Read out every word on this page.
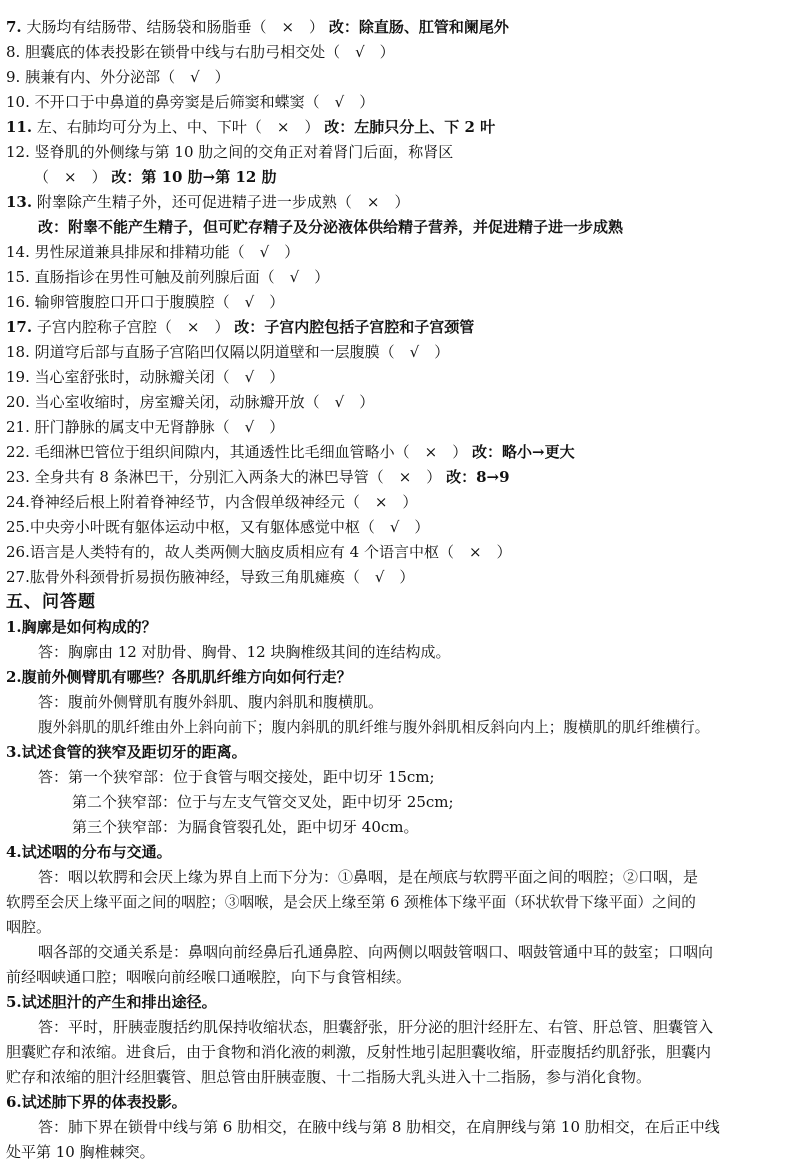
7. 大肠均有结肠带、结肠袋和肠脂垂（　×　） 改：除直肠、肛管和阑尾外
8. 胆囊底的体表投影在锁骨中线与右肋弓相交处（　√　）
9. 胰兼有内、外分泌部（　√　）
10. 不开口于中鼻道的鼻旁窦是后筛窦和蝶窦（　√　）
11. 左、右肺均可分为上、中、下叶（　×　） 改：左肺只分上、下 2 叶
12. 竖脊肌的外侧缘与第 10 肋之间的交角正对着肾门后面，称肾区
（　×　） 改：第 10 肋→第 12 肋
13. 附睾除产生精子外，还可促进精子进一步成熟（　×　）
改：附睾不能产生精子，但可贮存精子及分泌液体供给精子营养，并促进精子进一步成熟
14. 男性尿道兼具排尿和排精功能（　√　）
15. 直肠指诊在男性可触及前列腺后面（　√　）
16. 输卵管腹腔口开口于腹膜腔（　√　）
17. 子宫内腔称子宫腔（　×　） 改：子宫内腔包括子宫腔和子宫颈管
18. 阴道穹后部与直肠子宫陷凹仅隔以阴道壁和一层腹膜（　√　）
19. 当心室舒张时，动脉瓣关闭（　√　）
20. 当心室收缩时，房室瓣关闭，动脉瓣开放（　√　）
21. 肝门静脉的属支中无肾静脉（　√　）
22. 毛细淋巴管位于组织间隙内，其通透性比毛细血管略小（　×　） 改：略小→更大
23. 全身共有 8 条淋巴干，分别汇入两条大的淋巴导管（　×　） 改：8→9
24.脊神经后根上附着脊神经节，内含假单级神经元（　×　）
25.中央旁小叶既有躯体运动中枢，又有躯体感觉中枢（　√　）
26.语言是人类特有的，故人类两侧大脑皮质相应有 4 个语言中枢（　×　）
27.肱骨外科颈骨折易损伤腋神经，导致三角肌瘫痪（　√　）
五、问答题
1.胸廓是如何构成的？
答：胸廓由 12 对肋骨、胸骨、12 块胸椎级其间的连结构成。
2.腹前外侧臂肌有哪些？各肌肌纤维方向如何行走？
答：腹前外侧臂肌有腹外斜肌、腹内斜肌和腹横肌。
腹外斜肌的肌纤维由外上斜向前下；腹内斜肌的肌纤维与腹外斜肌相反斜向内上；腹横肌的肌纤维横行。
3.试述食管的狭窄及距切牙的距离。
答：第一个狭窄部：位于食管与咽交接处，距中切牙 15cm;
第二个狭窄部：位于与左支气管交叉处，距中切牙 25cm;
第三个狭窄部：为膈食管裂孔处，距中切牙 40cm。
4.试述咽的分布与交通。
答：咽以软腭和会厌上缘为界自上而下分为：①鼻咽，是在颅底与软腭平面之间的咽腔；②口咽，是
软腭至会厌上缘平面之间的咽腔；③咽喉，是会厌上缘至第 6 颈椎体下缘平面（环状软骨下缘平面）之间的
咽腔。
咽各部的交通关系是：鼻咽向前经鼻后孔通鼻腔、向两侧以咽鼓管咽口、咽鼓管通中耳的鼓室；口咽向
前经咽峡通口腔；咽喉向前经喉口通喉腔，向下与食管相续。
5.试述胆汁的产生和排出途径。
答：平时，肝胰壶腹括约肌保持收缩状态，胆囊舒张，肝分泌的胆汁经肝左、右管、肝总管、胆囊管入
胆囊贮存和浓缩。进食后，由于食物和消化液的刺激，反射性地引起胆囊收缩，肝壶腹括约肌舒张，胆囊内
贮存和浓缩的胆汁经胆囊管、胆总管由肝胰壶腹、十二指肠大乳头进入十二指肠，参与消化食物。
6.试述肺下界的体表投影。
答：肺下界在锁骨中线与第 6 肋相交，在腋中线与第 8 肋相交，在肩胛线与第 10 肋相交，在后正中线
处平第 10 胸椎棘突。
